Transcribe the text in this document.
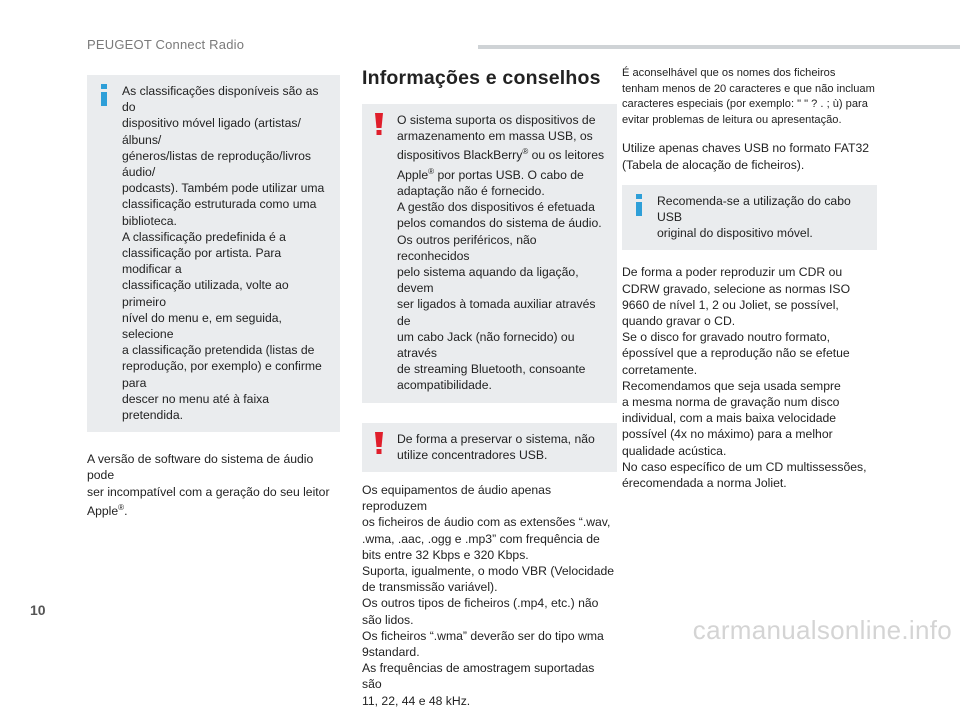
PEUGEOT Connect Radio

As classificações disponíveis são as do
dispositivo móvel ligado (artistas/álbuns/
géneros/listas de reprodução/livros áudio/
podcasts). Também pode utilizar uma
classificação estruturada como uma
biblioteca.
A classificação predefinida é a
classificação por artista. Para modificar a
classificação utilizada, volte ao primeiro
nível do menu e, em seguida, selecione
a classificação pretendida (listas de
reprodução, por exemplo) e confirme para
descer no menu até à faixa pretendida.

A versão de software do sistema de áudio pode
ser incompatível com a geração do seu leitor
Apple®.

Informações e conselhos

O sistema suporta os dispositivos de
armazenamento em massa USB, os
dispositivos BlackBerry® ou os leitores
Apple® por portas USB. O cabo de
adaptação não é fornecido.
A gestão dos dispositivos é efetuada
pelos comandos do sistema de áudio.
Os outros periféricos, não reconhecidos
pelo sistema aquando da ligação, devem
ser ligados à tomada auxiliar através de
um cabo Jack (não fornecido) ou através
de streaming Bluetooth, consoante
acompatibilidade.

De forma a preservar o sistema, não
utilize concentradores USB.

Os equipamentos de áudio apenas reproduzem
os ficheiros de áudio com as extensões “.wav,
.wma, .aac, .ogg e .mp3” com frequência de
bits entre 32 Kbps e 320 Kbps.
Suporta, igualmente, o modo VBR (Velocidade
de transmissão variável).
Os outros tipos de ficheiros (.mp4, etc.) não
são lidos.
Os ficheiros “.wma” deverão ser do tipo wma
9standard.
As frequências de amostragem suportadas são
11, 22, 44 e 48 kHz.

É aconselhável que os nomes dos ficheiros
tenham menos de 20 caracteres e que não incluam
caracteres especiais (por exemplo: " " ? . ; ù) para
evitar problemas de leitura ou apresentação.

Utilize apenas chaves USB no formato FAT32
(Tabela de alocação de ficheiros).

Recomenda-se a utilização do cabo USB
original do dispositivo móvel.

De forma a poder reproduzir um CDR ou
CDRW gravado, selecione as normas ISO
9660 de nível 1, 2 ou Joliet, se possível,
quando gravar o CD.
Se o disco for gravado noutro formato,
épossível que a reprodução não se efetue
corretamente.
Recomendamos que seja usada sempre
a mesma norma de gravação num disco
individual, com a mais baixa velocidade
possível (4x no máximo) para a melhor
qualidade acústica.
No caso específico de um CD multissessões,
érecomendada a norma Joliet.

10
carmanualsonline.info
